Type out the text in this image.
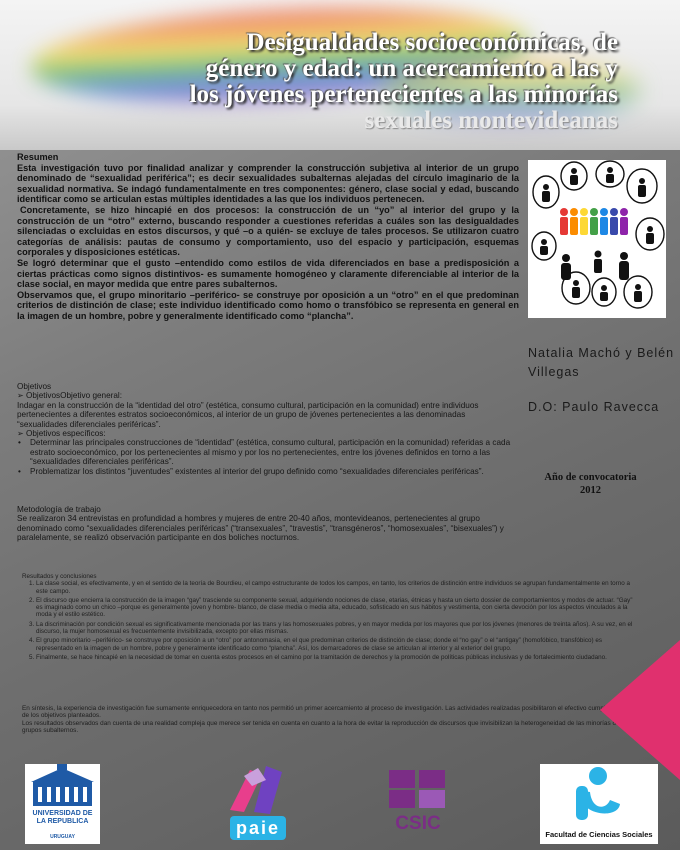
Desigualdades socioeconómicas, de
género y edad: un acercamiento a las y
los jóvenes pertenecientes a las minorías
sexuales montevideanas

Resumen

Esta investigación tuvo por finalidad analizar y comprender la construcción subjetiva al interior de un grupo denominado de “sexualidad periférica”; es decir sexualidades subalternas alejadas del círculo imaginario de la sexualidad normativa. Se indagó fundamentalmente en tres componentes: género, clase social y edad, buscando identificar como se articulan estas múltiples identidades a las que los individuos pertenecen.

Concretamente, se hizo hincapié en dos procesos: la construcción de un “yo” al interior del grupo y la construcción de un “otro” externo, buscando responder a cuestiones referidas a cuáles son las desigualdades silenciadas o excluidas en estos discursos, y qué –o a quién- se excluye de tales procesos. Se utilizaron cuatro categorías de análisis: pautas de consumo y comportamiento, uso del espacio y participación, esquemas corporales y disposiciones estéticas.

Se logró determinar que el gusto –entendido como estilos de vida diferenciados en base a predisposición a ciertas prácticas como signos distintivos- es sumamente homogéneo y claramente diferenciable al interior de la clase social, en mayor medida que entre pares subalternos.

Observamos que, el grupo minoritario –periférico- se construye por oposición a un “otro” en el que predominan criterios de distinción de clase; este individuo identificado como homo o transfóbico se representa en general en la imagen de un hombre, pobre y generalmente identificado como “plancha”.

Natalia Machó y Belén Villegas

D.O: Paulo Ravecca

Año de convocatoria
2012

Objetivos

➢ ObjetivosObjetivo general:

Indagar en la construcción de la “identidad del otro” (estética, consumo cultural, participación en la comunidad) entre individuos pertenecientes a diferentes estratos socioeconómicos, al interior de un grupo de jóvenes pertenecientes a las denominadas “sexualidades diferenciales periféricas”.

➢ Objetivos específicos:

• Determinar las principales construcciones de “identidad” (estética, consumo cultural, participación en la comunidad) referidas a cada estrato socioeconómico, por los pertenecientes al mismo y por los no pertenecientes, entre los jóvenes definidos en torno a las “sexualidades diferenciales periféricas”.

• Problematizar los distintos “juventudes” existentes al interior del grupo definido como “sexualidades diferenciales periféricas”.

Metodología de trabajo

Se realizaron 34 entrevistas en profundidad a hombres y mujeres de entre 20-40 años, montevideanos, pertenecientes al grupo denominado como “sexualidades diferenciales periféricas” (“transexuales”, “travestis”, “transgéneros”, “homosexuales”, “bisexuales”) y paralelamente, se realizó observación participante en dos boliches nocturnos.

Resultados y conclusiones

1. La clase social, es efectivamente, y en el sentido de la teoría de Bourdieu, el campo estructurante de todos los campos, en tanto, los criterios de distinción entre individuos se agrupan fundamentalmente en torno a este campo.
2. El discurso que encierra la construcción de la imagen “gay” trasciende su componente sexual, adquiriendo nociones de clase, etarias, étnicas y hasta un cierto dossier de comportamientos y modos de actuar. “Gay” es imaginado como un chico –porque es generalmente joven y hombre- blanco, de clase media o media alta, educado, sofisticado en sus hábitos y vestimenta, con cierta devoción por los aspectos vinculados a la moda y el estilo estético.
3. La discriminación por condición sexual es significativamente mencionada por las trans y las homosexuales pobres, y en mayor medida por los mayores que por los jóvenes (menores de treinta años). A su vez, en el discurso, la mujer homosexual es frecuentemente invisibilizada, excepto por ellas mismas.
4. El grupo minoritario –periférico- se construye por oposición a un “otro” por antonomasia, en el que predominan criterios de distinción de clase; donde el “no gay” o el “antigay” (homofóbico, transfóbico) es representado en la imagen de un hombre, pobre y generalmente identificado como “plancha”. Así, los demarcadores de clase se articulan al interior y al exterior del grupo.
5. Finalmente, se hace hincapié en la necesidad de tomar en cuenta estos procesos en el camino por la tramitación de derechos y la promoción de políticas públicas inclusivas y de fortalecimiento ciudadano.

En síntesis, la experiencia de investigación fue sumamente enriquecedora en tanto nos permitió un primer acercamiento al proceso de investigación. Las actividades realizadas posibilitaron el efectivo cumplimiento de los objetivos planteados.

Los resultados observados dan cuenta de una realidad compleja que merece ser tenida en cuenta en cuanto a la hora de evitar la reproducción de discursos que invisibilizan la heterogeneidad de las minorías o grupos subalternos.

UNIVERSIDAD DE LA REPUBLICA
URUGUAY	paie	CSIC
Facultad de Ciencias Sociales
